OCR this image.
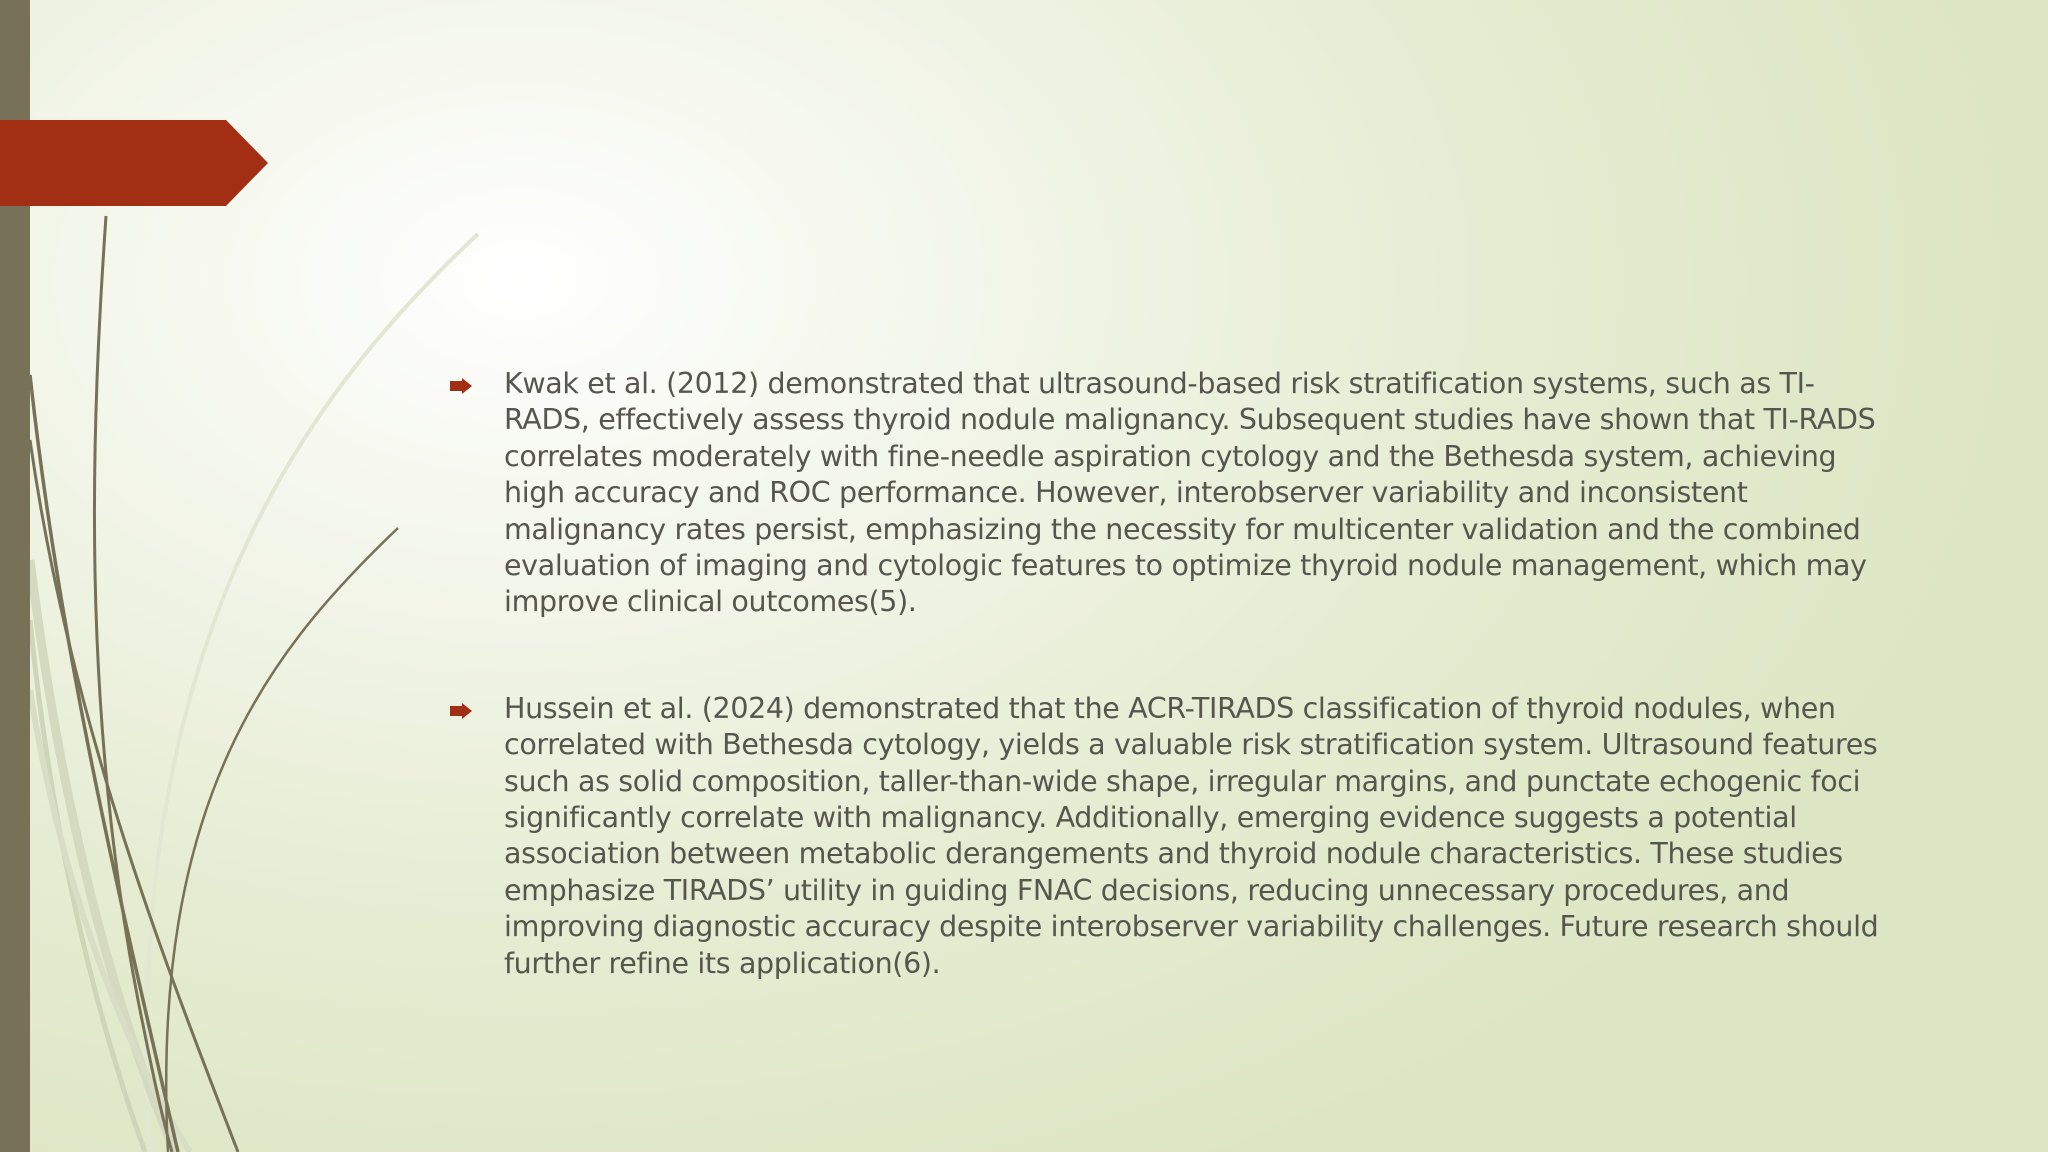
Kwak et al. (2012) demonstrated that ultrasound-based risk stratification systems, such as TI-RADS, effectively assess thyroid nodule malignancy. Subsequent studies have shown that TI-RADS correlates moderately with fine-needle aspiration cytology and the Bethesda system, achieving high accuracy and ROC performance. However, interobserver variability and inconsistent malignancy rates persist, emphasizing the necessity for multicenter validation and the combined evaluation of imaging and cytologic features to optimize thyroid nodule management, which may improve clinical outcomes(5).

Hussein et al. (2024) demonstrated that the ACR-TIRADS classification of thyroid nodules, when correlated with Bethesda cytology, yields a valuable risk stratification system. Ultrasound features such as solid composition, taller-than-wide shape, irregular margins, and punctate echogenic foci significantly correlate with malignancy. Additionally, emerging evidence suggests a potential association between metabolic derangements and thyroid nodule characteristics. These studies emphasize TIRADS’ utility in guiding FNAC decisions, reducing unnecessary procedures, and improving diagnostic accuracy despite interobserver variability challenges. Future research should further refine its application(6).
